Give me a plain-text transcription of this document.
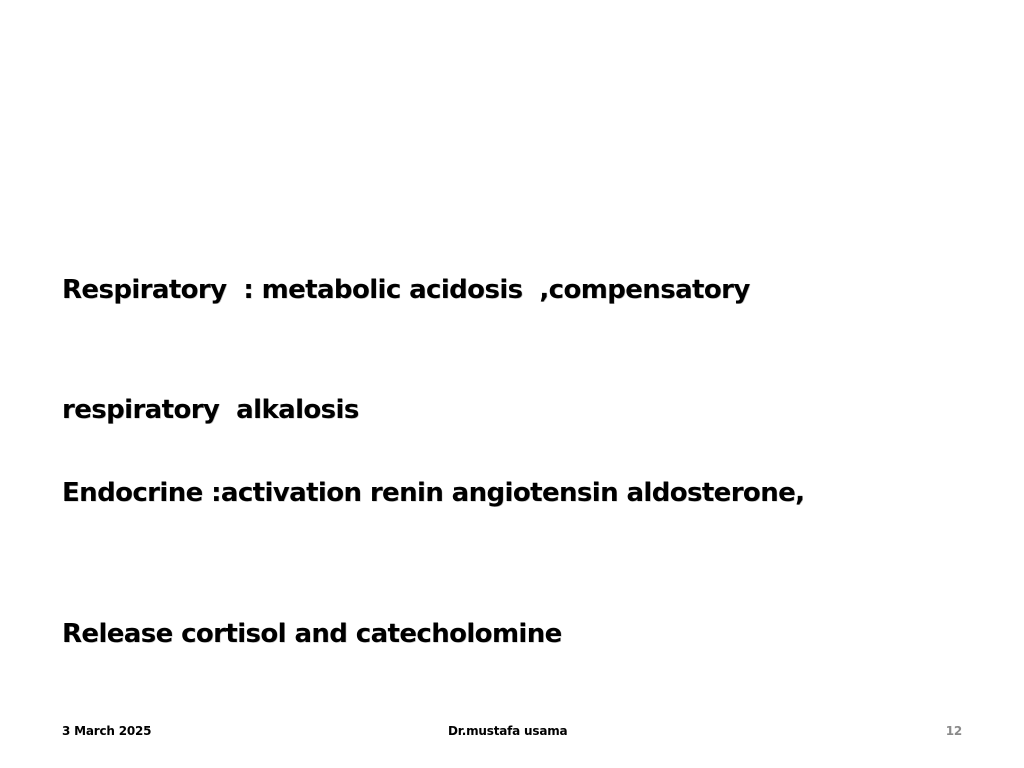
Respiratory  : metabolic acidosis  ,compensatory

respiratory  alkalosis

Endocrine :activation renin angiotensin aldosterone,

Release cortisol and catecholomine

3 March 2025	Dr.mustafa usama	12
